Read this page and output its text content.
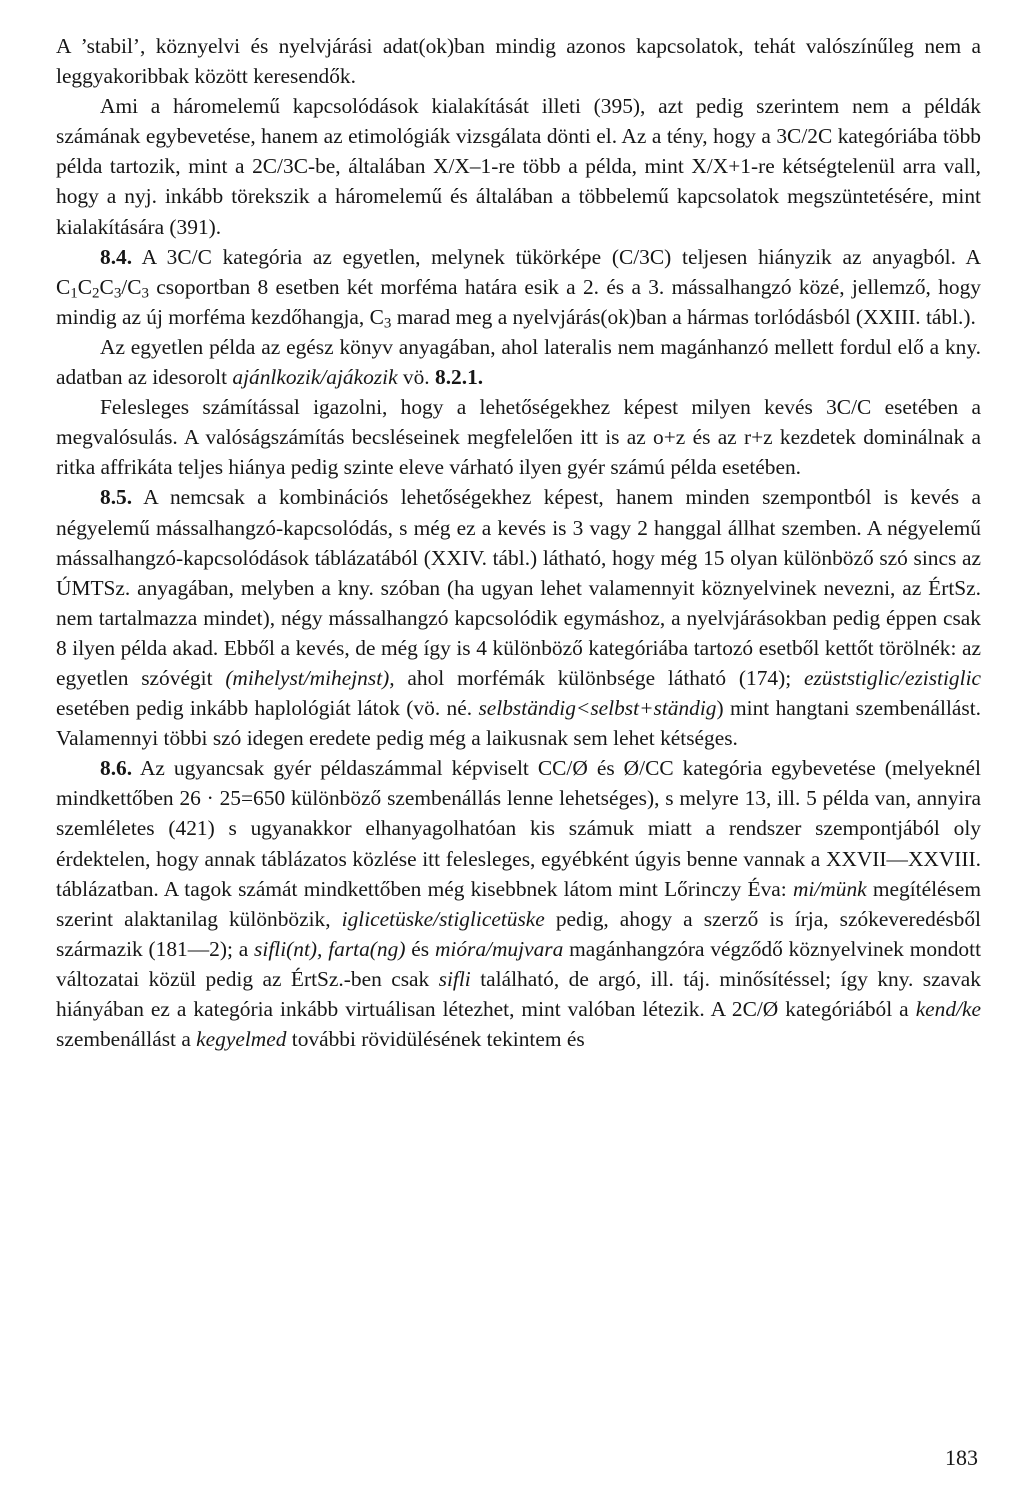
A ’stabil’, köznyelvi és nyelvjárási adat(ok)ban mindig azonos kapcsolatok, tehát valószínűleg nem a leggyakoribbak között keresendők.

Ami a háromelemű kapcsolódások kialakítását illeti (395), azt pedig szerintem nem a példák számának egybevetése, hanem az etimológiák vizsgálata dönti el. Az a tény, hogy a 3C/2C kategóriába több példa tartozik, mint a 2C/3C-be, általában X/X–1-re több a példa, mint X/X+1-re kétségtelenül arra vall, hogy a nyj. inkább törekszik a háromelemű és általában a többelemű kapcsolatok megszüntetésére, mint kialakítására (391).

8.4. A 3C/C kategória az egyetlen, melynek tükörképe (C/3C) teljesen hiányzik az anyagból. A $C_1C_2C_3/C_3$ csoportban 8 esetben két morféma határa esik a 2. és a 3. mássalhangzó közé, jellemző, hogy mindig az új morféma kezdőhangja, $C_3$ marad meg a nyelvjárás(ok)ban a hármas torlódásból (XXIII. tábl.).

Az egyetlen példa az egész könyv anyagában, ahol lateralis nem magánhanzó mellett fordul elő a kny. adatban az idesorolt ajánlkozik/ajákozik vö. 8.2.1.

Felesleges számítással igazolni, hogy a lehetőségekhez képest milyen kevés 3C/C esetében a megvalósulás. A valóságszámítás becsléseinek megfelelően itt is az o+z és az r+z kezdetek dominálnak a ritka affrikáta teljes hiánya pedig szinte eleve várható ilyen gyér számú példa esetében.

8.5. A nemcsak a kombinációs lehetőségekhez képest, hanem minden szempontból is kevés a négyelemű mássalhangzó-kapcsolódás, s még ez a kevés is 3 vagy 2 hanggal állhat szemben. A négyelemű mássalhangzó-kapcsolódások táblázatából (XXIV. tábl.) látható, hogy még 15 olyan különböző szó sincs az ÚMTSz. anyagában, melyben a kny. szóban (ha ugyan lehet valamennyit köznyelvinek nevezni, az ÉrtSz. nem tartalmazza mindet), négy mássalhangzó kapcsolódik egymáshoz, a nyelvjárásokban pedig éppen csak 8 ilyen példa akad. Ebből a kevés, de még így is 4 különböző kategóriába tartozó esetből kettőt törölnék: az egyetlen szóvégit (mihelyst/mihejnst), ahol morfémák különbsége látható (174); ezüststiglic/ezistiglic esetében pedig inkább haplológiát látok (vö. né. selbständig<selbst+ständig) mint hangtani szembenállást. Valamennyi többi szó idegen eredete pedig még a laikusnak sem lehet kétséges.

8.6. Az ugyancsak gyér példaszámmal képviselt CC/Ø és Ø/CC kategória egybevetése (melyeknél mindkettőben 26 · 25=650 különböző szembenállás lenne lehetséges), s melyre 13, ill. 5 példa van, annyira szemléletes (421) s ugyanakkor elhanyagolhatóan kis számuk miatt a rendszer szempontjából oly érdektelen, hogy annak táblázatos közlése itt felesleges, egyébként úgyis benne vannak a XXVII—XXVIII. táblázatban. A tagok számát mindkettőben még kisebbnek látom mint Lőrinczy Éva: mi/münk megítélésem szerint alaktanilag különbözik, iglicetüske/stiglicetüske pedig, ahogy a szerző is írja, szókeveredésből származik (181—2); a sifli(nt), farta(ng) és mióra/mujvara magánhangzóra végződő köznyelvinek mondott változatai közül pedig az ÉrtSz.-ben csak sifli található, de argó, ill. táj. minősítéssel; így kny. szavak hiányában ez a kategória inkább virtuálisan létezhet, mint valóban létezik. A 2C/Ø kategóriából a kend/ke szembenállást a kegyelmed további rövidülésének tekintem és

183
